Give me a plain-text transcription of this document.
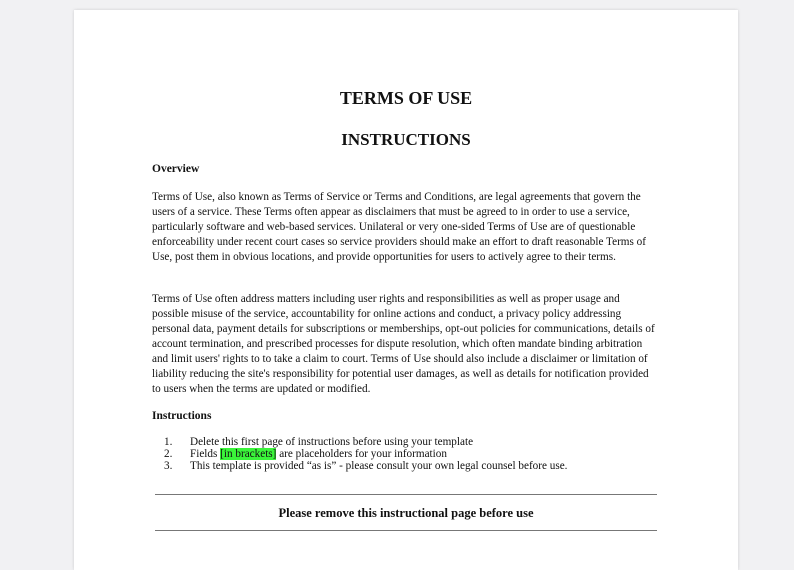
TERMS OF USE
INSTRUCTIONS
Overview

Terms of Use, also known as Terms of Service or Terms and Conditions, are legal agreements that govern the users of a service. These Terms often appear as disclaimers that must be agreed to in order to use a service, particularly software and web-based services. Unilateral or very one-sided Terms of Use are of questionable enforceability under recent court cases so service providers should make an effort to draft reasonable Terms of Use, post them in obvious locations, and provide opportunities for users to actively agree to their terms.

Terms of Use often address matters including user rights and responsibilities as well as proper usage and possible misuse of the service, accountability for online actions and conduct, a privacy policy addressing personal data, payment details for subscriptions or memberships, opt-out policies for communications, details of account termination, and prescribed processes for dispute resolution, which often mandate binding arbitration and limit users' rights to to take a claim to court. Terms of Use should also include a disclaimer or limitation of liability reducing the site's responsibility for potential user damages, as well as details for notification provided to users when the terms are updated or modified.

Instructions
1.	Delete this first page of instructions before using your template
2.	Fields [in brackets] are placeholders for your information
3.	This template is provided “as is” - please consult your own legal counsel before use.
Please remove this instructional page before use
